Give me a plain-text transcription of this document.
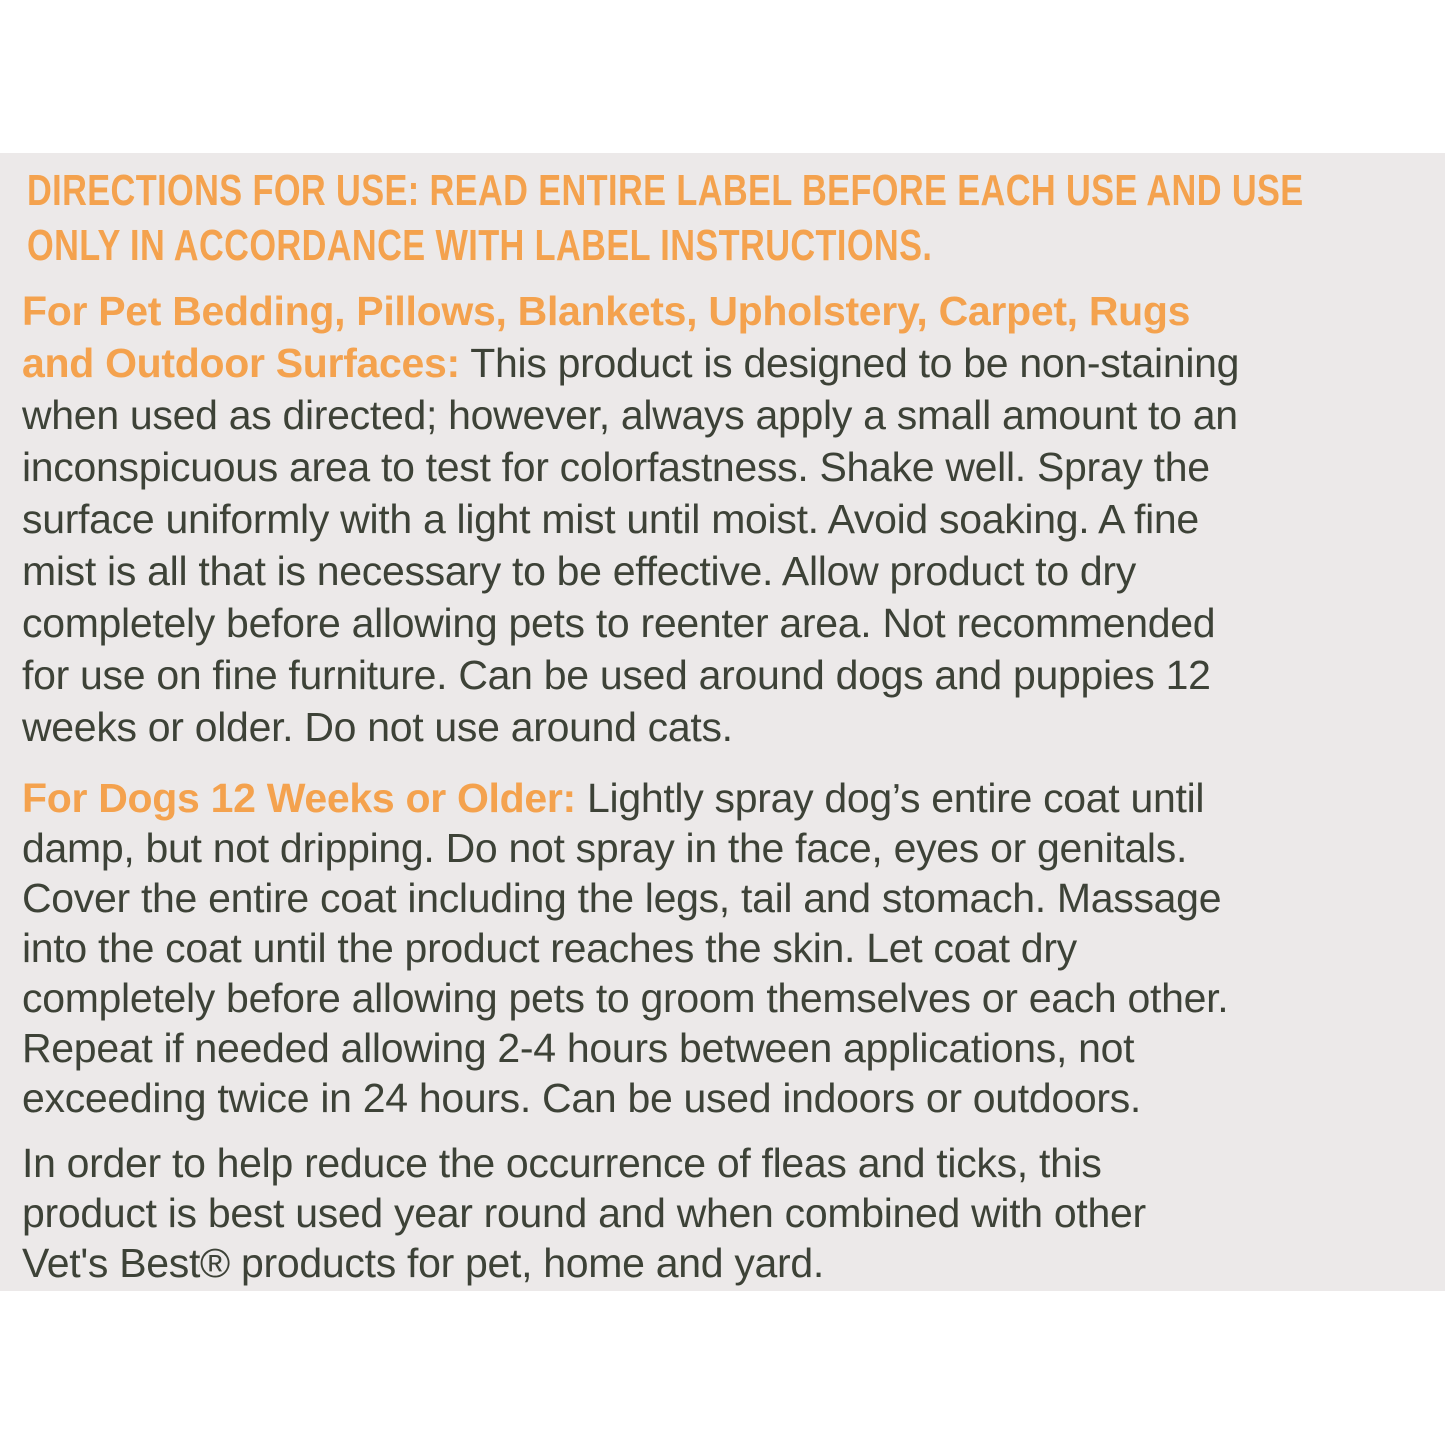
DIRECTIONS FOR USE: READ ENTIRE LABEL BEFORE EACH USE AND USE
ONLY IN ACCORDANCE WITH LABEL INSTRUCTIONS.
For Pet Bedding, Pillows, Blankets, Upholstery, Carpet, Rugs
and Outdoor Surfaces: This product is designed to be non-staining
when used as directed; however, always apply a small amount to an
inconspicuous area to test for colorfastness. Shake well. Spray the
surface uniformly with a light mist until moist. Avoid soaking. A fine
mist is all that is necessary to be effective. Allow product to dry
completely before allowing pets to reenter area. Not recommended
for use on fine furniture. Can be used around dogs and puppies 12
weeks or older. Do not use around cats.
For Dogs 12 Weeks or Older: Lightly spray dog’s entire coat until
damp, but not dripping. Do not spray in the face, eyes or genitals.
Cover the entire coat including the legs, tail and stomach. Massage
into the coat until the product reaches the skin. Let coat dry
completely before allowing pets to groom themselves or each other.
Repeat if needed allowing 2-4 hours between applications, not
exceeding twice in 24 hours. Can be used indoors or outdoors.
In order to help reduce the occurrence of fleas and ticks, this
product is best used year round and when combined with other
Vet's Best® products for pet, home and yard.
